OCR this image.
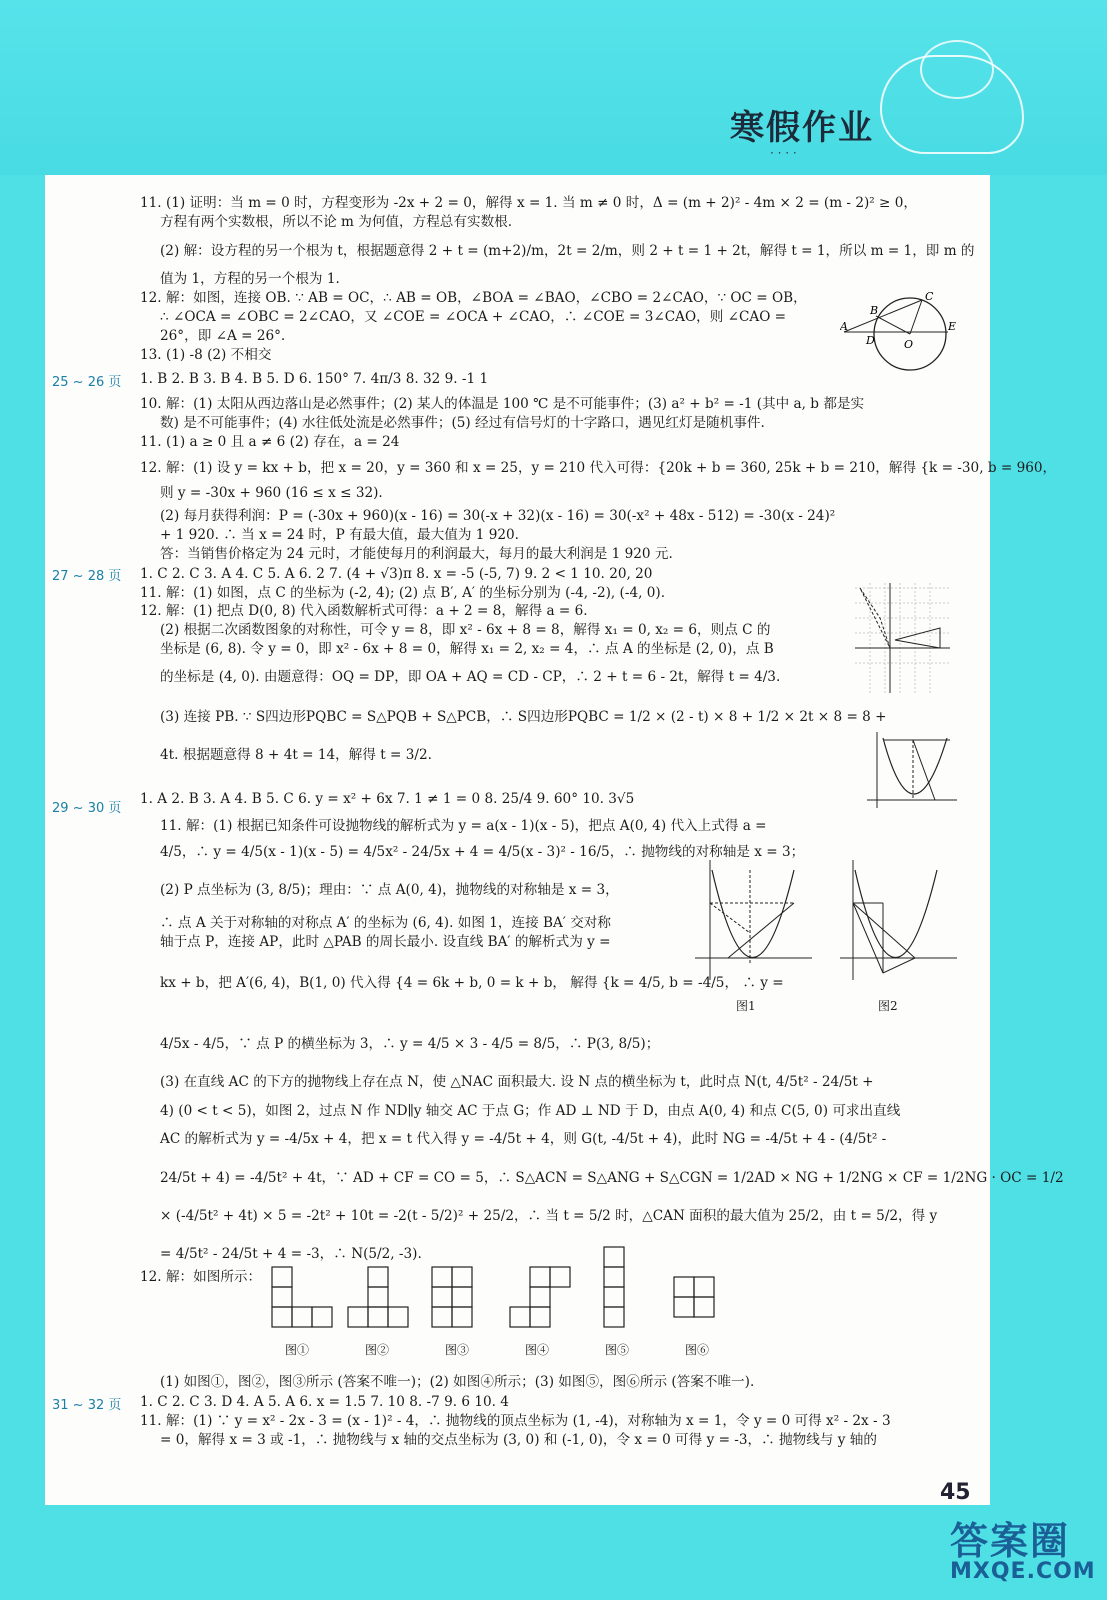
寒假作业
· · · ·
25 ~ 26 页
27 ~ 28 页
29 ~ 30 页
31 ~ 32 页
11. (1) 证明：当 m = 0 时，方程变形为 -2x + 2 = 0，解得 x = 1. 当 m ≠ 0 时，Δ = (m + 2)² - 4m × 2 = (m - 2)² ≥ 0，
方程有两个实数根，所以不论 m 为何值，方程总有实数根.
(2) 解：设方程的另一个根为 t，根据题意得 2 + t = (m+2)/m，2t = 2/m，则 2 + t = 1 + 2t，解得 t = 1，所以 m = 1，即 m 的
值为 1，方程的另一个根为 1.
12. 解：如图，连接 OB. ∵ AB = OC，∴ AB = OB，∠BOA = ∠BAO，∠CBO = 2∠CAO，∵ OC = OB，
∴ ∠OCA = ∠OBC = 2∠CAO，又 ∠COE = ∠OCA + ∠CAO，∴ ∠COE = 3∠CAO，则 ∠CAO =
26°，即 ∠A = 26°.
13. (1) -8 (2) 不相交
1. B 2. B 3. B 4. B 5. D 6. 150° 7. 4π/3 8. 32 9. -1 1
10. 解：(1) 太阳从西边落山是必然事件；(2) 某人的体温是 100 ℃ 是不可能事件；(3) a² + b² = -1 (其中 a, b 都是实
数) 是不可能事件；(4) 水往低处流是必然事件；(5) 经过有信号灯的十字路口，遇见红灯是随机事件.
11. (1) a ≥ 0 且 a ≠ 6 (2) 存在，a = 24
12. 解：(1) 设 y = kx + b，把 x = 20，y = 360 和 x = 25，y = 210 代入可得：{20k + b = 360, 25k + b = 210，解得 {k = -30, b = 960，
则 y = -30x + 960 (16 ≤ x ≤ 32).
(2) 每月获得利润：P = (-30x + 960)(x - 16) = 30(-x + 32)(x - 16) = 30(-x² + 48x - 512) = -30(x - 24)²
+ 1 920. ∴ 当 x = 24 时，P 有最大值，最大值为 1 920.
答：当销售价格定为 24 元时，才能使每月的利润最大，每月的最大利润是 1 920 元.
1. C 2. C 3. A 4. C 5. A 6. 2 7. (4 + √3)π 8. x = -5 (-5, 7) 9. 2 < 1 10. 20, 20
11. 解：(1) 如图，点 C 的坐标为 (-2, 4); (2) 点 B′, A′ 的坐标分别为 (-4, -2), (-4, 0).
12. 解：(1) 把点 D(0, 8) 代入函数解析式可得：a + 2 = 8，解得 a = 6.
(2) 根据二次函数图象的对称性，可令 y = 8，即 x² - 6x + 8 = 8，解得 x₁ = 0, x₂ = 6，则点 C 的
坐标是 (6, 8). 令 y = 0，即 x² - 6x + 8 = 0，解得 x₁ = 2, x₂ = 4，∴ 点 A 的坐标是 (2, 0)，点 B
的坐标是 (4, 0). 由题意得：OQ = DP，即 OA + AQ = CD - CP，∴ 2 + t = 6 - 2t，解得 t = 4/3.
(3) 连接 PB. ∵ S四边形PQBC = S△PQB + S△PCB，∴ S四边形PQBC = 1/2 × (2 - t) × 8 + 1/2 × 2t × 8 = 8 +
4t. 根据题意得 8 + 4t = 14，解得 t = 3/2.
1. A 2. B 3. A 4. B 5. C 6. y = x² + 6x 7. 1 ≠ 1 = 0 8. 25/4 9. 60° 10. 3√5
11. 解：(1) 根据已知条件可设抛物线的解析式为 y = a(x - 1)(x - 5)，把点 A(0, 4) 代入上式得 a =
4/5，∴ y = 4/5(x - 1)(x - 5) = 4/5x² - 24/5x + 4 = 4/5(x - 3)² - 16/5，∴ 抛物线的对称轴是 x = 3；
(2) P 点坐标为 (3, 8/5)；理由：∵ 点 A(0, 4)，抛物线的对称轴是 x = 3，
∴ 点 A 关于对称轴的对称点 A′ 的坐标为 (6, 4). 如图 1，连接 BA′ 交对称
轴于点 P，连接 AP，此时 △PAB 的周长最小. 设直线 BA′ 的解析式为 y =
kx + b，把 A′(6, 4)，B(1, 0) 代入得 {4 = 6k + b, 0 = k + b， 解得 {k = 4/5, b = -4/5， ∴ y =
4/5x - 4/5，∵ 点 P 的横坐标为 3，∴ y = 4/5 × 3 - 4/5 = 8/5，∴ P(3, 8/5)；
(3) 在直线 AC 的下方的抛物线上存在点 N，使 △NAC 面积最大. 设 N 点的横坐标为 t，此时点 N(t, 4/5t² - 24/5t +
4) (0 < t < 5)，如图 2，过点 N 作 ND∥y 轴交 AC 于点 G；作 AD ⊥ ND 于 D，由点 A(0, 4) 和点 C(5, 0) 可求出直线
AC 的解析式为 y = -4/5x + 4，把 x = t 代入得 y = -4/5t + 4，则 G(t, -4/5t + 4)，此时 NG = -4/5t + 4 - (4/5t² -
24/5t + 4) = -4/5t² + 4t，∵ AD + CF = CO = 5，∴ S△ACN = S△ANG + S△CGN = 1/2AD × NG + 1/2NG × CF = 1/2NG · OC = 1/2
× (-4/5t² + 4t) × 5 = -2t² + 10t = -2(t - 5/2)² + 25/2，∴ 当 t = 5/2 时，△CAN 面积的最大值为 25/2，由 t = 5/2，得 y
= 4/5t² - 24/5t + 4 = -3，∴ N(5/2, -3).
12. 解：如图所示：
(1) 如图①，图②，图③所示 (答案不唯一)；(2) 如图④所示；(3) 如图⑤，图⑥所示 (答案不唯一).
1. C 2. C 3. D 4. A 5. A 6. x = 1.5 7. 10 8. -7 9. 6 10. 4
11. 解：(1) ∵ y = x² - 2x - 3 = (x - 1)² - 4，∴ 抛物线的顶点坐标为 (1, -4)，对称轴为 x = 1，令 y = 0 可得 x² - 2x - 3
= 0，解得 x = 3 或 -1，∴ 抛物线与 x 轴的交点坐标为 (3, 0) 和 (-1, 0)，令 x = 0 可得 y = -3，∴ 抛物线与 y 轴的
C
B
A
D	O
E
图1	图2
图①	图②	图③	图④	图⑤	图⑥
45
答案圈
MXQE.COM
